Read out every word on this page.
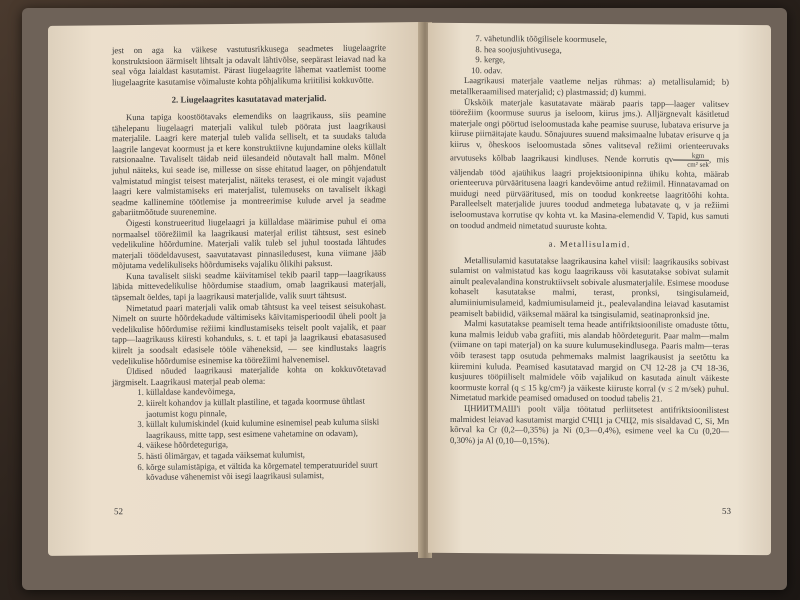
jest on aga ka väikese vastutusrikkusega seadmetes liugelaagrite konstruktsioon äärmiselt lihtsalt ja odavalt lähtivõlse, seepärast leiavad nad ka seal võga laialdast kasutamist. Pärast liugelaagrite lähemat vaatlemist toome liugelaagrite kasutamise võimaluste kohta põhjalikuma kriitilisi kokkuvõtte.

2. Liugelaagrites kasutatavad materjalid.

Kuna tapiga koostöötavaks elemendiks on laagrikauss, siis peamine tähelepanu liugelaagri materjali valikul tuleb pöörata just laagrikausi materjalile. Laagri kere materjal tuleb valida selliselt, et ta suudaks taluda laagrile langevat koormust ja et kere konstruktiivne kujundamine oleks küllalt ratsionaalne. Tavaliselt täidab neid ülesandeid nõutavalt hall malm. Mõnel juhul näiteks, kui seade ise, millesse on sisse ehitatud laager, on põhjendatult valmistatud mingist teisest materjalist, näiteks terasest, ei ole mingit vajadust laagri kere valmistamiseks eri materjalist, tulemuseks on tavaliselt ikkagi seadme kallinemine töötlemise ja montreerimise kulude arvel ja seadme gabariitmõõtude suurenemine.

Öigesti konstrueeritud liugelaagri ja küllaldase määrimise puhul ei oma normaalsel töörežiimil ka laagrikausi materjal erilist tähtsust, sest esineb vedelikuline hõõrdumine. Materjali valik tuleb sel juhul toostada lähtudes materjali töödeldavusest, saavutatavast pinnasiledusest, kuna viimane jääb mõjutama vedelikuliseks hõõrdumiseks vajaliku õlikihi paksust.

Kuna tavaliselt siiski seadme käivitamisel tekib paaril tapp—laagrikauss läbida mittevedelikulise hõõrdumise staadium, omab laagrikausi materjali, täpsemalt öeldes, tapi ja laagrikausi materjalide, valik suurt tähtsust.

Nimetatud paari materjali valik omab tähtsust ka veel teisest seisukohast. Nimelt on suurte hõõrdekadude vältimiseks käivitamisperioodil üheli poolt ja vedelikulise hõõrdumise režiimi kindlustamiseks teiselt poolt vajalik, et paar tapp—laagrikauss kiiresti kohanduks, s. t. et tapi ja laagrikausi ebatasasused kiirelt ja soodsalt edasisele tööle väheneksid, — see kindlustaks laagris vedelikulise hõõrdumise esinemise ka töörežiimi halvenemisel.

Üldised nõuded laagrikausi materjalide kohta on kokkuvõtetavad järgmiselt. Laagrikausi materjal peab olema:

1. küllaldase kandevõimega,
2. kiirelt kohandov ja küllalt plastiline, et tagada koormuse ühtlast jaotumist kogu pinnale,
3. küllalt kulumiskindel (kuid kulumine esinemisel peab kuluma siiski laagrikauss, mitte tapp, sest esimene vahetamine on odavam),
4. väikese hõõrdeteguriga,
5. hästi õlimärgav, et tagada väiksemat kulumist,
6. kõrge sulamistäpiga, et vältida ka kõrgematel temperatuuridel suurt kõvaduse vähenemist või isegi laagrikausi sulamist,
52
7. vähetundlik tõõgilisele koormusele,
8. hea soojusjuhtivusega,
9. kerge,
10. odav.

Laagrikausi materjale vaatleme neljas rühmas: a) metallisulamid; b) metallkeraamilised materjalid; c) plastmassid; d) kummi.

Ükskõik materjale kasutatavate määrab paaris tapp—laager valitsev töörežiim (koormuse suurus ja iseloom, kiirus jms.). Alljärgnevalt käsitletud materjale ongi pöörtud iseloomustada kahe peamise suuruse, lubatava erisurve ja kiiruse piirnäitajate kaudu. Sõnajuures suuend maksimaalne lubatav erisurve q ja kiirus v, õheskoos iseloomustada sõnes valitseval režiimi orienteeruvaks arvutuseks kõlbab laagrikausi kindluses. Nende korrutis qv	kgm
cm² sek
, mis väljendab tööd ajaühikus laagri projektsioonipinna ühiku kohta, määrab orienteeruva pürvääritusena laagri kandevõime antud režiimil. Hinnatavamad on muidugi need pürvääritused, mis on toodud konkreetse laagritöõhi kohta. Paralleelselt materjalide juures toodud andmetega lubatavate q, v ja režiimi iseloomustava korrutise qv kohta vt. ka Masina-elemendid V. Tapid, kus samuti on toodud andmeid nimetatud suuruste kohta.

a. Metallisulamid.

Metallisulamid kasutatakse laagrikausina kahel viisil: laagrikausiks sobivast sulamist on valmistatud kas kogu laagrikauss või kasutatakse sobivat sulamit ainult pealevalandina konstruktiivselt sobivale alusmaterjalile. Esimese mooduse kohaselt kasutatakse malmi, terast, pronksi, tsingisulameid, alumiiniumisulameid, kadmiumisulameid jt., pealevalandina leiavad kasutamist peamiselt babiidid, väiksemal määral ka tsingisulamid, seatinapronksid jne.

Malmi kasutatakse peamiselt tema heade antifriktsiooniliste omaduste tõttu, kuna malmis leidub vaba grafiiti, mis alandab hõõrdetegurit. Paar malm—malm (viimane on tapi materjal) on ka suure kulumusekindlusega. Paaris malm—teras võib terasest tapp osutuda pehmemaks malmist laagrikausist ja seetõttu ka kiiremini kuluda. Peamised kasutatavad margid on СЧ 12-28 ja СЧ 18-36, kusjuures tööpiiliselt malmidele võib vajalikud on kasutada ainult väikeste koormuste korral (q ≤ 15 kg/cm²) ja väikeste kiiruste korral (v ≤ 2 m/sek) puhul. Nimetatud markide peamised omadused on toodud tabelis 21.

ЦНИИТМАШ'i poolt välja töötatud perliitsetest antifriktsioonilistest malmidest leiavad kasutamist margid СЧЦ1 ja СЧЦ2, mis sisaldavad C, Si, Mn kõrval ka Cr (0,2—0,35%) ja Ni (0,3—0,4%), esimene veel ka Cu (0,20—0,30%) ja Al (0,10—0,15%).

53
